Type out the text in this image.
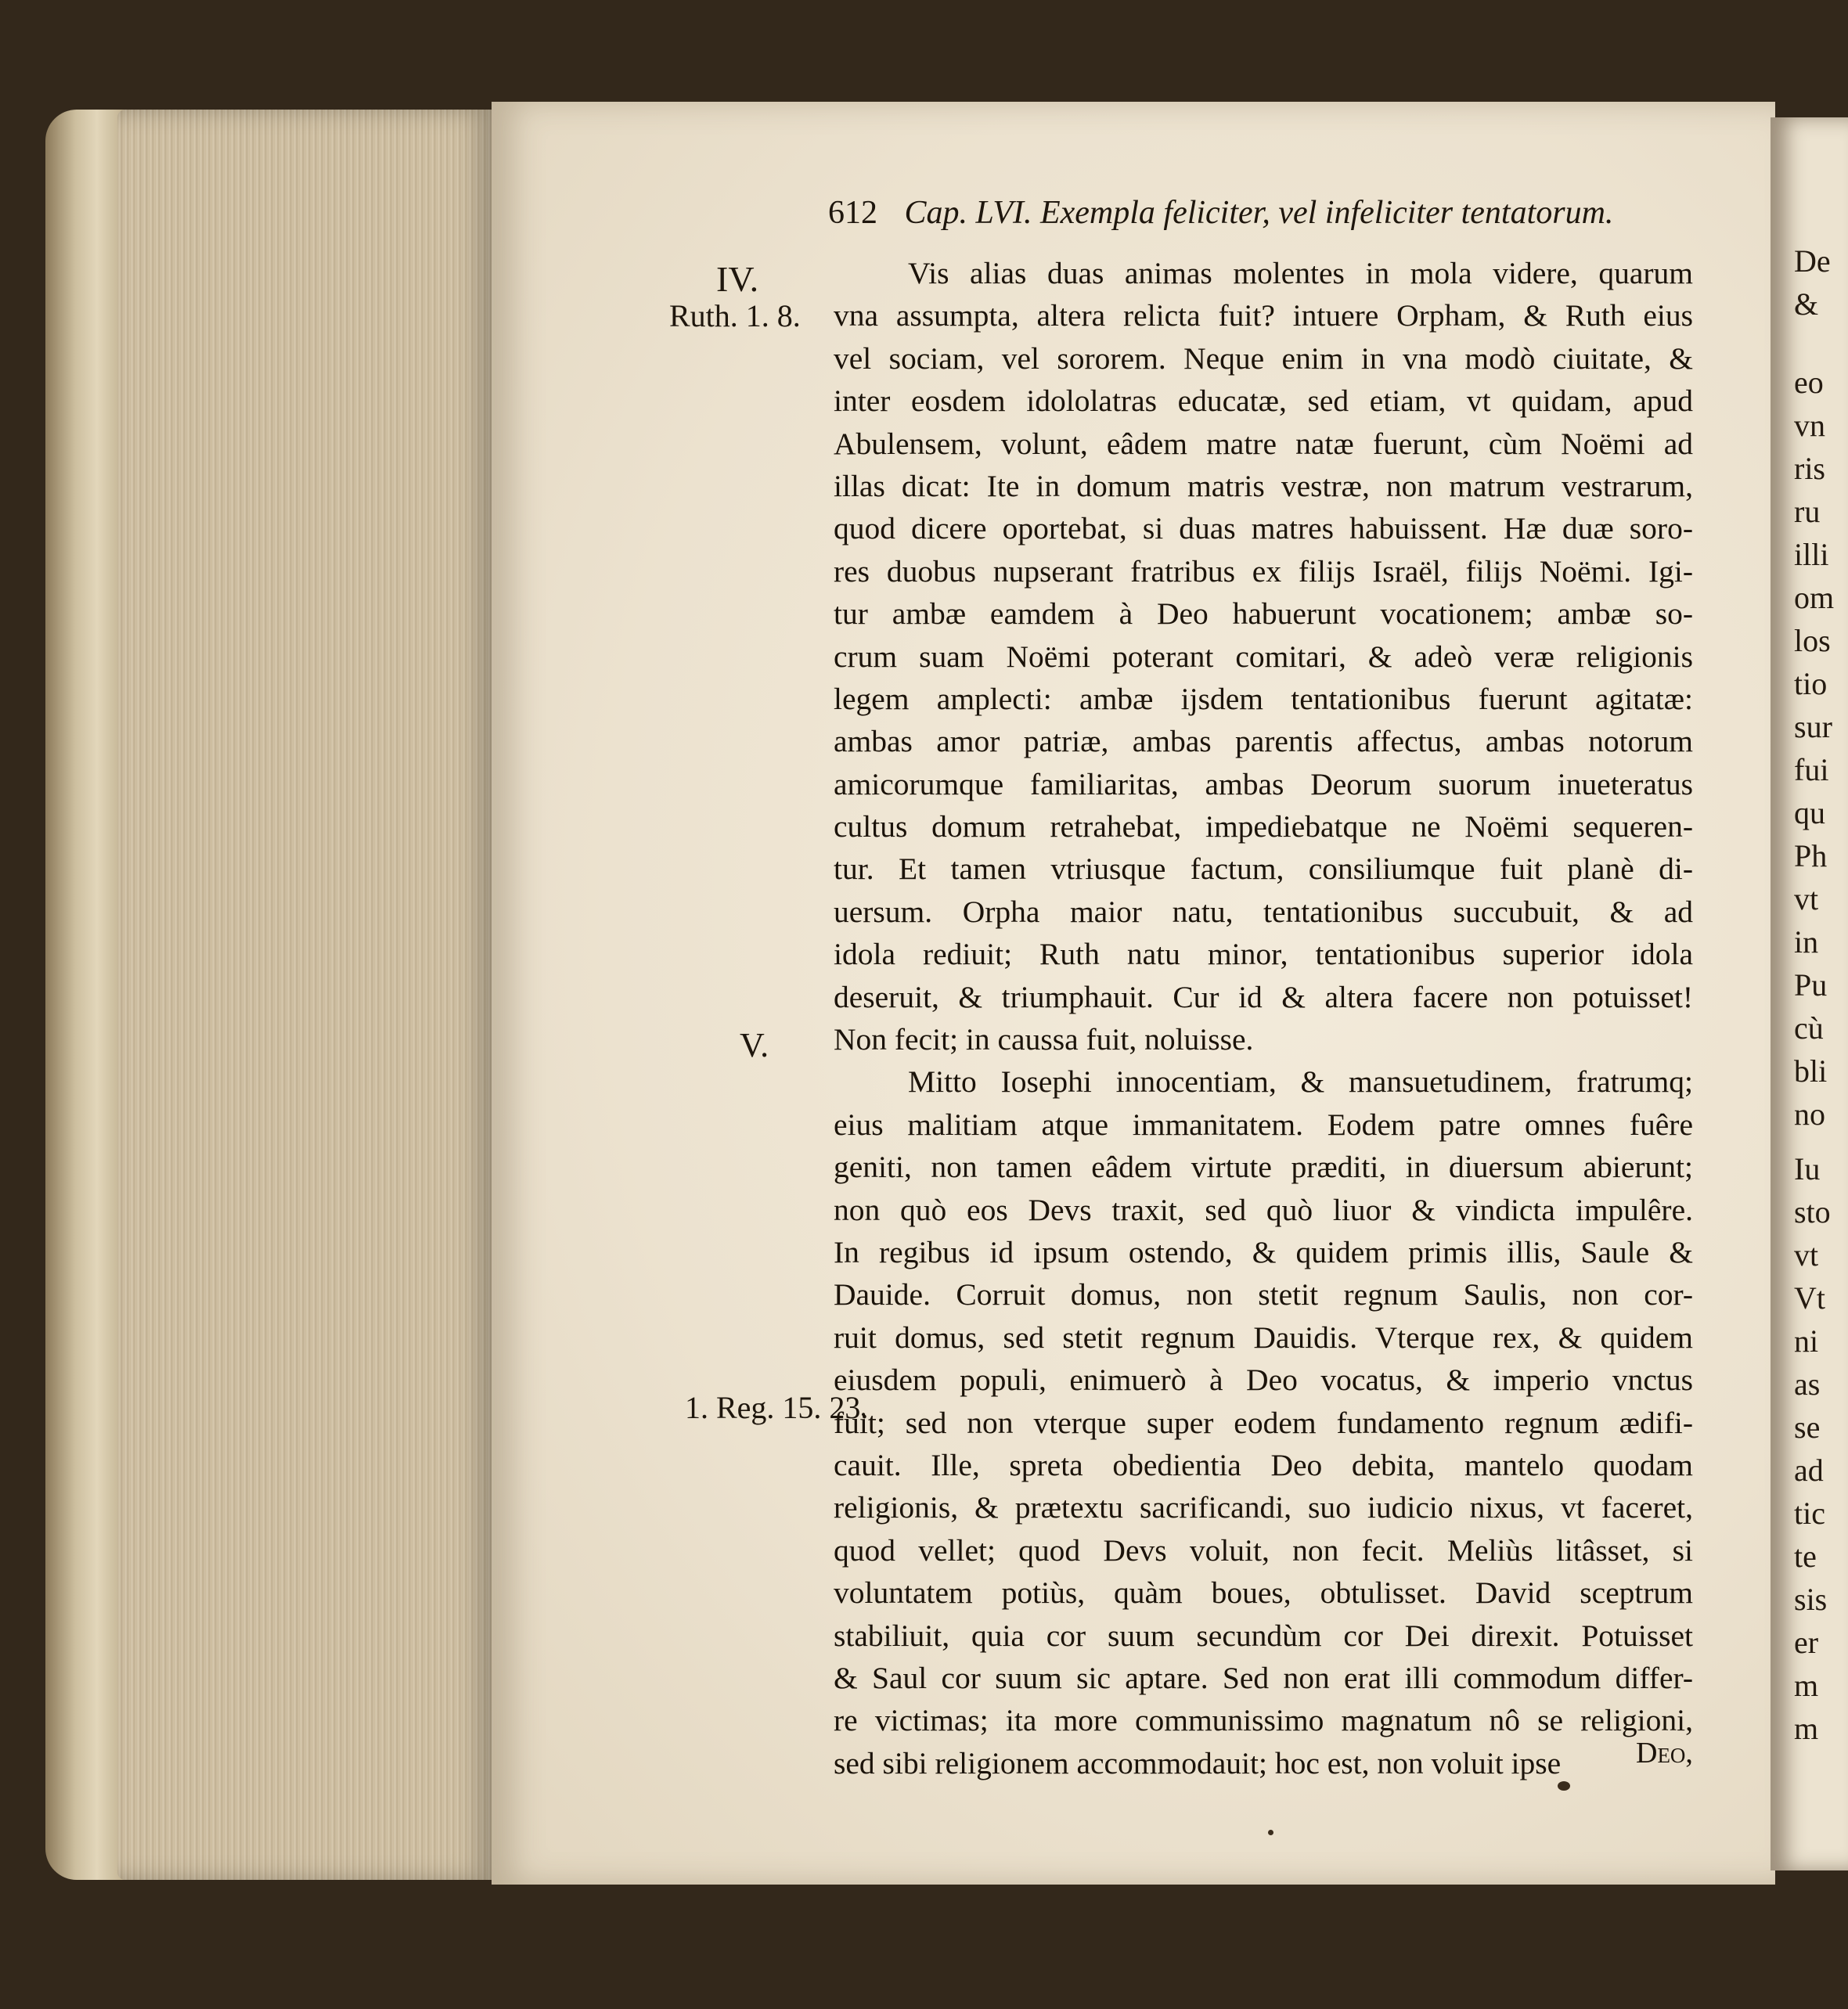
De
&
eo
vn
ris
ru
illi
om
los
tio
sur
fui
qu
Ph
vt
in
Pu
cù
bli
no
Iu
sto
vt
Vt
ni
as
se
ad
tic
te
sis
er
m
m
612 Cap. LVI. Exempla feliciter, vel infeliciter tentatorum.
IV.
Ruth. 1. 8.
V.
1. Reg. 15. 23.
Vis alias duas animas molentes in mola videre, quarum
vna assumpta, altera relicta fuit? intuere Orpham, & Ruth eius
vel sociam, vel sororem. Neque enim in vna modò ciuitate, &
inter eosdem idololatras educatæ, sed etiam, vt quidam, apud
Abulensem, volunt, eâdem matre natæ fuerunt, cùm Noëmi ad
illas dicat: Ite in domum matris vestræ, non matrum vestrarum,
quod dicere oportebat, si duas matres habuissent. Hæ duæ soro-
res duobus nupserant fratribus ex filijs Israël, filijs Noëmi. Igi-
tur ambæ eamdem à Deo habuerunt vocationem; ambæ so-
crum suam Noëmi poterant comitari, & adeò veræ religionis
legem amplecti: ambæ ijsdem tentationibus fuerunt agitatæ:
ambas amor patriæ, ambas parentis affectus, ambas notorum
amicorumque familiaritas, ambas Deorum suorum inueteratus
cultus domum retrahebat, impediebatque ne Noëmi sequeren-
tur. Et tamen vtriusque factum, consiliumque fuit planè di-
uersum. Orpha maior natu, tentationibus succubuit, & ad
idola rediuit; Ruth natu minor, tentationibus superior idola
deseruit, & triumphauit. Cur id & altera facere non potuisset!
Non fecit; in caussa fuit, noluisse.
Mitto Iosephi innocentiam, & mansuetudinem, fratrumq;
eius malitiam atque immanitatem. Eodem patre omnes fuêre
geniti, non tamen eâdem virtute præditi, in diuersum abierunt;
non quò eos Devs traxit, sed quò liuor & vindicta impulêre.
In regibus id ipsum ostendo, & quidem primis illis, Saule &
Dauide. Corruit domus, non stetit regnum Saulis, non cor-
ruit domus, sed stetit regnum Dauidis. Vterque rex, & quidem
eiusdem populi, enimuerò à Deo vocatus, & imperio vnctus
fuit; sed non vterque super eodem fundamento regnum ædifi-
cauit. Ille, spreta obedientia Deo debita, mantelo quodam
religionis, & prætextu sacrificandi, suo iudicio nixus, vt faceret,
quod vellet; quod Devs voluit, non fecit. Meliùs litâsset, si
voluntatem potiùs, quàm boues, obtulisset. David sceptrum
stabiliuit, quia cor suum secundùm cor Dei direxit. Potuisset
& Saul cor suum sic aptare. Sed non erat illi commodum differ-
re victimas; ita more communissimo magnatum nô se religioni,
sed sibi religionem accommodauit; hoc est, non voluit ipse	Deo,
